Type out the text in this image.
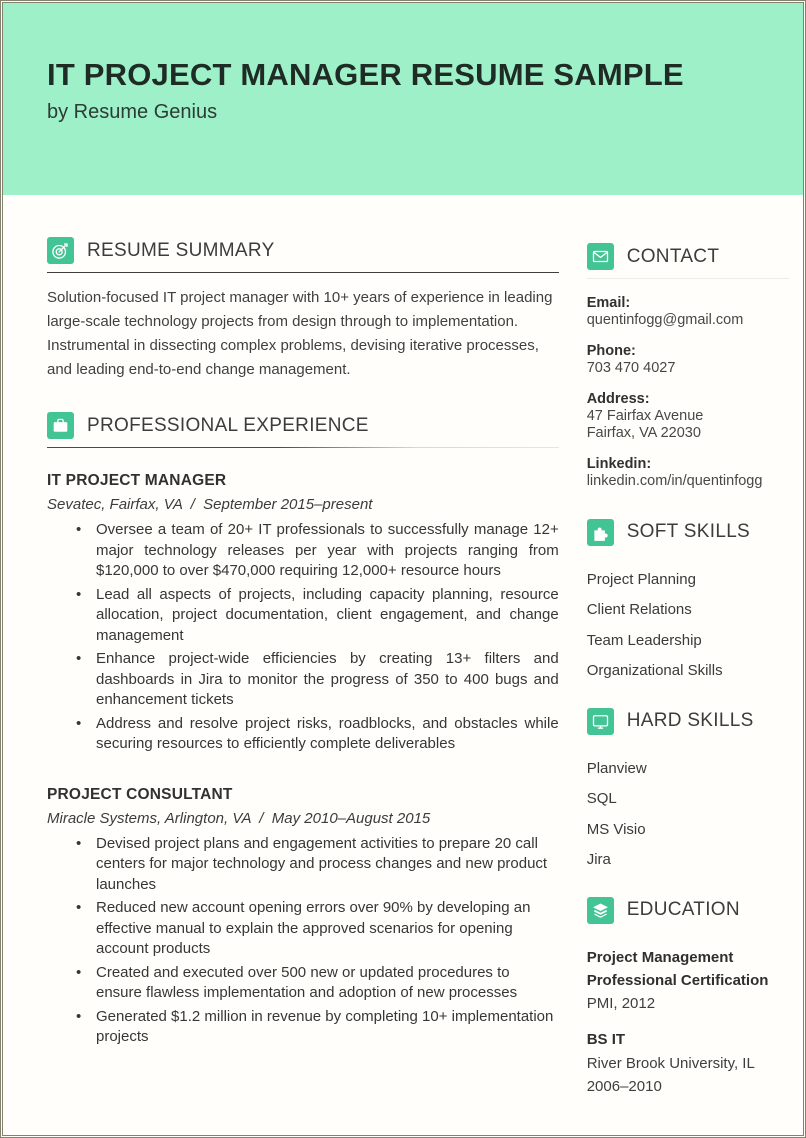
IT PROJECT MANAGER RESUME SAMPLE
by Resume Genius
RESUME SUMMARY

Solution-focused IT project manager with 10+ years of experience in leading large-scale technology projects from design through to implementation. Instrumental in dissecting complex problems, devising iterative processes, and leading end-to-end change management.

PROFESSIONAL EXPERIENCE
IT PROJECT MANAGER
Sevatec, Fairfax, VA  /  September 2015–present
• Oversee a team of 20+ IT professionals to successfully manage 12+ major technology releases per year with projects ranging from $120,000 to over $470,000 requiring 12,000+ resource hours
• Lead all aspects of projects, including capacity planning, resource allocation, project documentation, client engagement, and change management
• Enhance project-wide efficiencies by creating 13+ filters and dashboards in Jira to monitor the progress of 350 to 400 bugs and enhancement tickets
• Address and resolve project risks, roadblocks, and obstacles while securing resources to efficiently complete deliverables
PROJECT CONSULTANT
Miracle Systems, Arlington, VA  /  May 2010–August 2015
• Devised project plans and engagement activities to prepare 20 call centers for major technology and process changes and new product launches
• Reduced new account opening errors over 90% by developing an effective manual to explain the approved scenarios for opening account products
• Created and executed over 500 new or updated procedures to ensure flawless implementation and adoption of new processes
• Generated $1.2 million in revenue by completing 10+ implementation projects
CONTACT
Email:
quentinfogg@gmail.com
Phone:
703 470 4027
Address:
47 Fairfax Avenue
Fairfax, VA 22030
Linkedin:
linkedin.com/in/quentinfogg
SOFT SKILLS
Project Planning
Client Relations
Team Leadership
Organizational Skills
HARD SKILLS
Planview
SQL
MS Visio
Jira
EDUCATION
Project Management Professional Certification
PMI, 2012
BS IT
River Brook University, IL
2006–2010
